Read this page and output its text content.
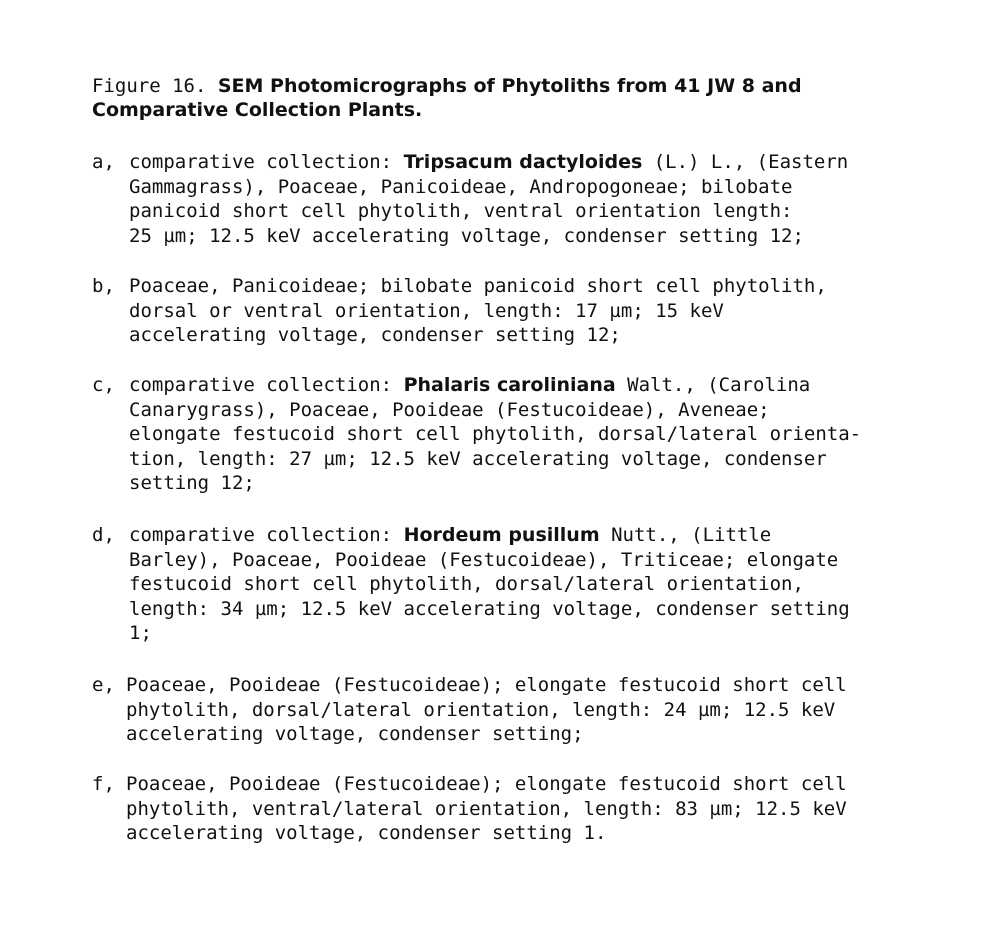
Figure 16. SEM Photomicrographs of Phytoliths from 41 JW 8 and
Comparative Collection Plants.
a, comparative collection: Tripsacum dactyloides (L.) L., (Eastern
Gammagrass), Poaceae, Panicoideae, Andropogoneae; bilobate
panicoid short cell phytolith, ventral orientation length:
25 µm; 12.5 keV accelerating voltage, condenser setting 12;
b, Poaceae, Panicoideae; bilobate panicoid short cell phytolith,
dorsal or ventral orientation, length: 17 µm; 15 keV
accelerating voltage, condenser setting 12;
c, comparative collection: Phalaris caroliniana Walt., (Carolina
Canarygrass), Poaceae, Pooideae (Festucoideae), Aveneae;
elongate festucoid short cell phytolith, dorsal/lateral orienta-
tion, length: 27 µm; 12.5 keV accelerating voltage, condenser
setting 12;
d, comparative collection: Hordeum pusillum Nutt., (Little
Barley), Poaceae, Pooideae (Festucoideae), Triticeae; elongate
festucoid short cell phytolith, dorsal/lateral orientation,
length: 34 µm; 12.5 keV accelerating voltage, condenser setting
1;
e, Poaceae, Pooideae (Festucoideae); elongate festucoid short cell
phytolith, dorsal/lateral orientation, length: 24 µm; 12.5 keV
accelerating voltage, condenser setting;
f, Poaceae, Pooideae (Festucoideae); elongate festucoid short cell
phytolith, ventral/lateral orientation, length: 83 µm; 12.5 keV
accelerating voltage, condenser setting 1.
